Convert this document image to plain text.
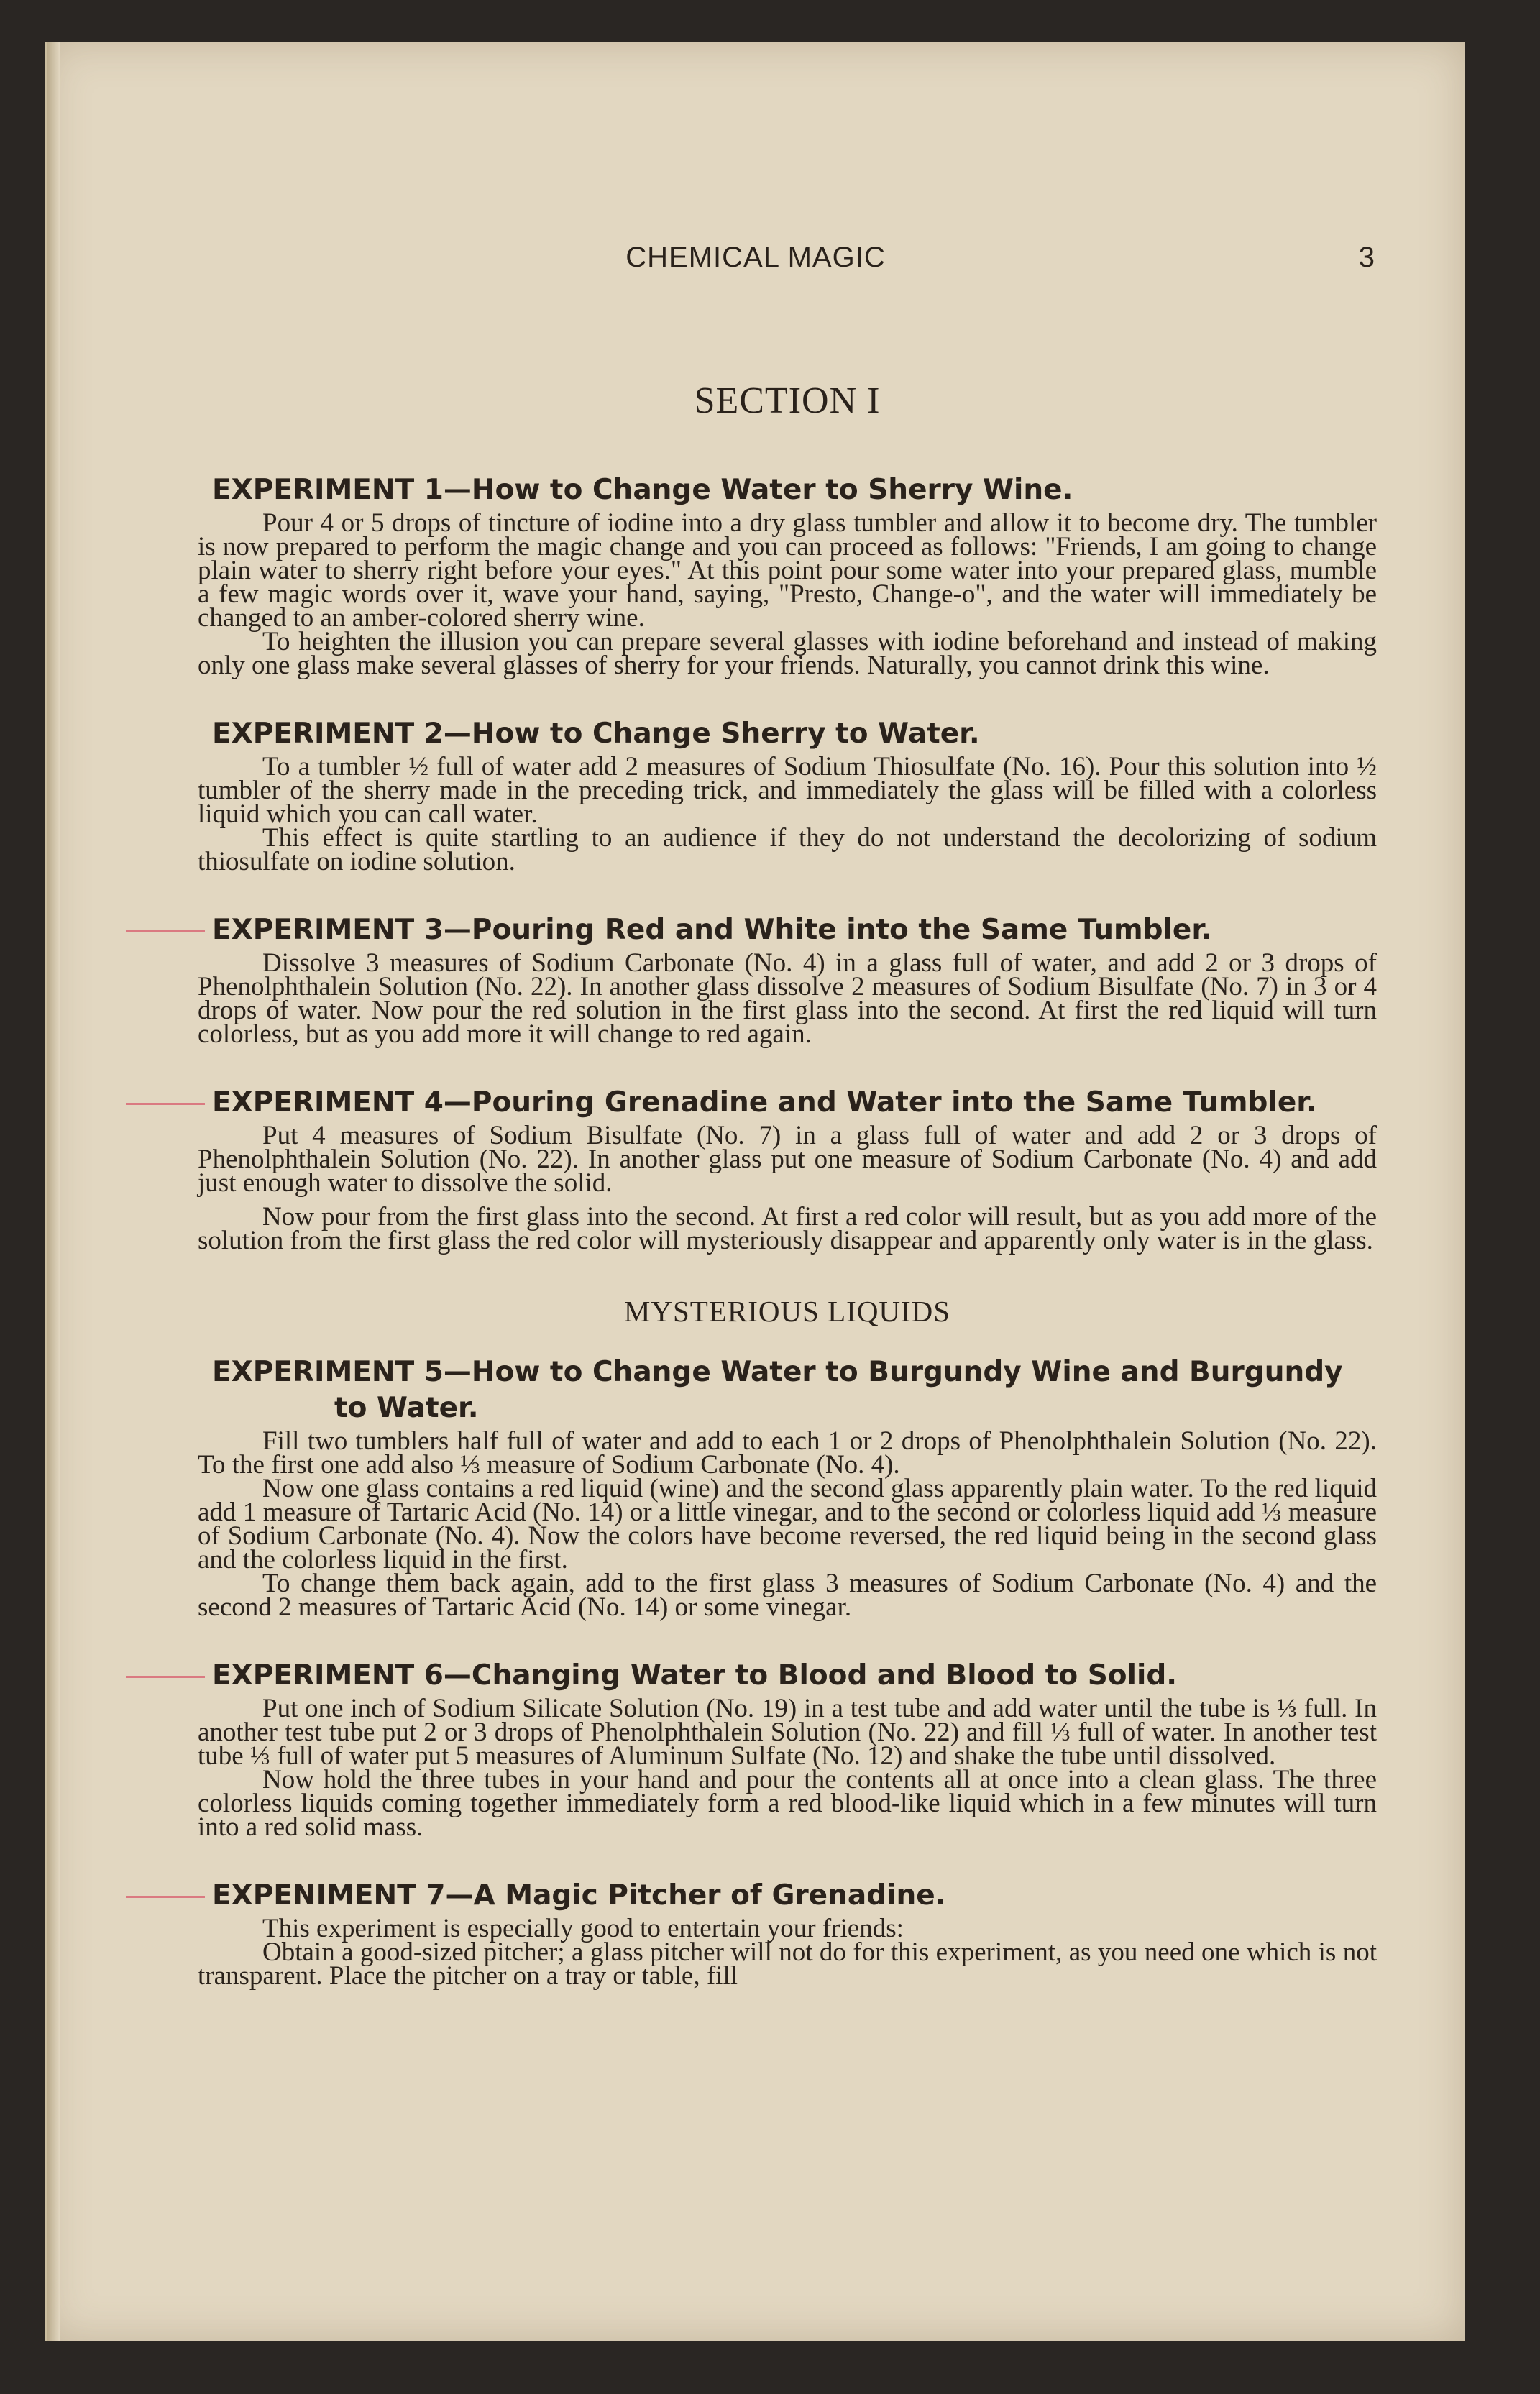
CHEMICAL MAGIC	3
SECTION I
EXPERIMENT 1—How to Change Water to Sherry Wine.

Pour 4 or 5 drops of tincture of iodine into a dry glass tumbler and allow it to become dry. The tumbler is now prepared to perform the magic change and you can proceed as follows: "Friends, I am going to change plain water to sherry right before your eyes." At this point pour some water into your prepared glass, mumble a few magic words over it, wave your hand, saying, "Presto, Change-o", and the water will immediately be changed to an amber-colored sherry wine.

To heighten the illusion you can prepare several glasses with iodine beforehand and instead of making only one glass make several glasses of sherry for your friends. Naturally, you cannot drink this wine.

EXPERIMENT 2—How to Change Sherry to Water.

To a tumbler ½ full of water add 2 measures of Sodium Thiosulfate (No. 16). Pour this solution into ½ tumbler of the sherry made in the preceding trick, and immediately the glass will be filled with a colorless liquid which you can call water.

This effect is quite startling to an audience if they do not understand the decolorizing of sodium thiosulfate on iodine solution.

EXPERIMENT 3—Pouring Red and White into the Same Tumbler.

Dissolve 3 measures of Sodium Carbonate (No. 4) in a glass full of water, and add 2 or 3 drops of Phenolphthalein Solution (No. 22). In another glass dissolve 2 measures of Sodium Bisulfate (No. 7) in 3 or 4 drops of water. Now pour the red solution in the first glass into the second. At first the red liquid will turn colorless, but as you add more it will change to red again.

EXPERIMENT 4—Pouring Grenadine and Water into the Same Tumbler.

Put 4 measures of Sodium Bisulfate (No. 7) in a glass full of water and add 2 or 3 drops of Phenolphthalein Solution (No. 22). In another glass put one measure of Sodium Carbonate (No. 4) and add just enough water to dissolve the solid.

Now pour from the first glass into the second. At first a red color will result, but as you add more of the solution from the first glass the red color will mysteriously disappear and apparently only water is in the glass.

MYSTERIOUS LIQUIDS
EXPERIMENT 5—How to Change Water to Burgundy Wine and Burgundy
to Water.

Fill two tumblers half full of water and add to each 1 or 2 drops of Phenolphthalein Solution (No. 22). To the first one add also ⅓ measure of Sodium Carbonate (No. 4).

Now one glass contains a red liquid (wine) and the second glass apparently plain water. To the red liquid add 1 measure of Tartaric Acid (No. 14) or a little vinegar, and to the second or colorless liquid add ⅓ measure of Sodium Carbonate (No. 4). Now the colors have become reversed, the red liquid being in the second glass and the colorless liquid in the first.

To change them back again, add to the first glass 3 measures of Sodium Carbonate (No. 4) and the second 2 measures of Tartaric Acid (No. 14) or some vinegar.

EXPERIMENT 6—Changing Water to Blood and Blood to Solid.

Put one inch of Sodium Silicate Solution (No. 19) in a test tube and add water until the tube is ⅓ full. In another test tube put 2 or 3 drops of Phenolphthalein Solution (No. 22) and fill ⅓ full of water. In another test tube ⅓ full of water put 5 measures of Aluminum Sulfate (No. 12) and shake the tube until dissolved.

Now hold the three tubes in your hand and pour the contents all at once into a clean glass. The three colorless liquids coming together immediately form a red blood-like liquid which in a few minutes will turn into a red solid mass.

EXPENIMENT 7—A Magic Pitcher of Grenadine.

This experiment is especially good to entertain your friends:

Obtain a good-sized pitcher; a glass pitcher will not do for this experiment, as you need one which is not transparent. Place the pitcher on a tray or table, fill
